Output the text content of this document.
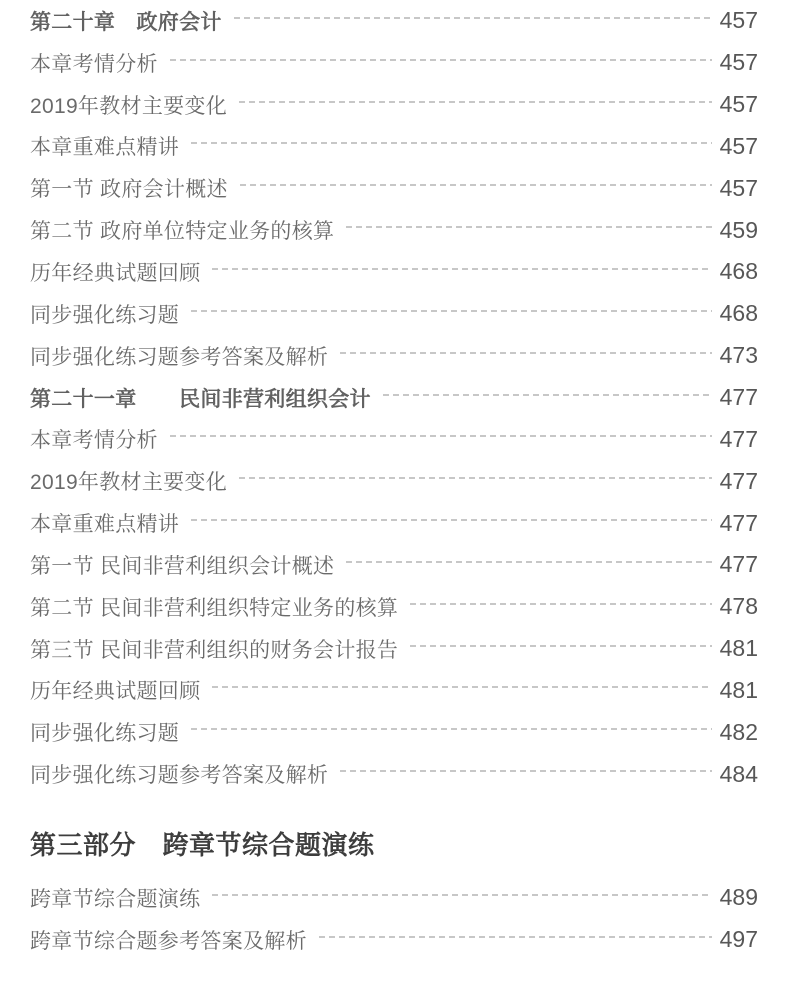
第二十章　政府会计	457
本章考情分析	457
2019年教材主要变化	457
本章重难点精讲	457
第一节 政府会计概述	457
第二节 政府单位特定业务的核算	459
历年经典试题回顾	468
同步强化练习题	468
同步强化练习题参考答案及解析	473
第二十一章　　民间非营利组织会计	477
本章考情分析	477
2019年教材主要变化	477
本章重难点精讲	477
第一节 民间非营利组织会计概述	477
第二节 民间非营利组织特定业务的核算	478
第三节 民间非营利组织的财务会计报告	481
历年经典试题回顾	481
同步强化练习题	482
同步强化练习题参考答案及解析	484
第三部分　跨章节综合题演练
跨章节综合题演练	489
跨章节综合题参考答案及解析	497
